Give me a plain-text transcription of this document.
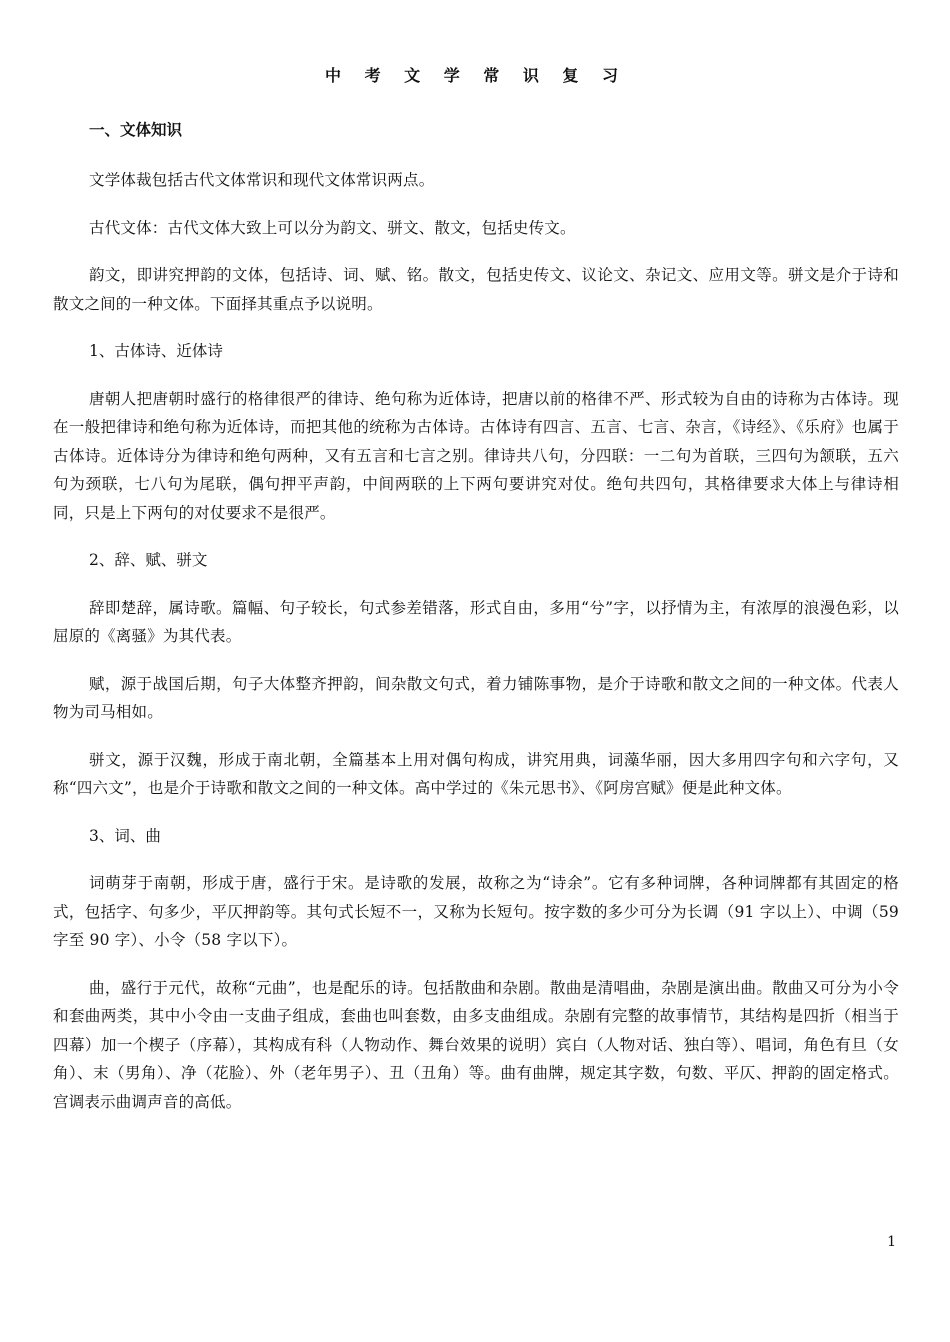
中 考 文 学 常 识 复 习
一、文体知识

文学体裁包括古代文体常识和现代文体常识两点。

古代文体：古代文体大致上可以分为韵文、骈文、散文，包括史传文。

韵文，即讲究押韵的文体，包括诗、词、赋、铭。散文，包括史传文、议论文、杂记文、应用文等。骈文是介于诗和散文之间的一种文体。下面择其重点予以说明。

1、古体诗、近体诗

唐朝人把唐朝时盛行的格律很严的律诗、绝句称为近体诗，把唐以前的格律不严、形式较为自由的诗称为古体诗。现在一般把律诗和绝句称为近体诗，而把其他的统称为古体诗。古体诗有四言、五言、七言、杂言，《诗经》、《乐府》也属于古体诗。近体诗分为律诗和绝句两种，又有五言和七言之别。律诗共八句，分四联：一二句为首联，三四句为颔联，五六句为颈联，七八句为尾联，偶句押平声韵，中间两联的上下两句要讲究对仗。绝句共四句，其格律要求大体上与律诗相同，只是上下两句的对仗要求不是很严。

2、辞、赋、骈文

辞即楚辞，属诗歌。篇幅、句子较长，句式参差错落，形式自由，多用“兮”字，以抒情为主，有浓厚的浪漫色彩，以屈原的《离骚》为其代表。

赋，源于战国后期，句子大体整齐押韵，间杂散文句式，着力铺陈事物，是介于诗歌和散文之间的一种文体。代表人物为司马相如。

骈文，源于汉魏，形成于南北朝，全篇基本上用对偶句构成，讲究用典，词藻华丽，因大多用四字句和六字句，又称“四六文”，也是介于诗歌和散文之间的一种文体。高中学过的《朱元思书》、《阿房宫赋》便是此种文体。

3、词、曲

词萌芽于南朝，形成于唐，盛行于宋。是诗歌的发展，故称之为“诗余”。它有多种词牌，各种词牌都有其固定的格式，包括字、句多少，平仄押韵等。其句式长短不一，又称为长短句。按字数的多少可分为长调（91 字以上）、中调（59 字至 90 字）、小令（58 字以下）。

曲，盛行于元代，故称“元曲”，也是配乐的诗。包括散曲和杂剧。散曲是清唱曲，杂剧是演出曲。散曲又可分为小令和套曲两类，其中小令由一支曲子组成，套曲也叫套数，由多支曲组成。杂剧有完整的故事情节，其结构是四折（相当于四幕）加一个楔子（序幕），其构成有科（人物动作、舞台效果的说明）宾白（人物对话、独白等）、唱词，角色有旦（女角）、末（男角）、净（花脸）、外（老年男子）、丑（丑角）等。曲有曲牌，规定其字数，句数、平仄、押韵的固定格式。宫调表示曲调声音的高低。

1
